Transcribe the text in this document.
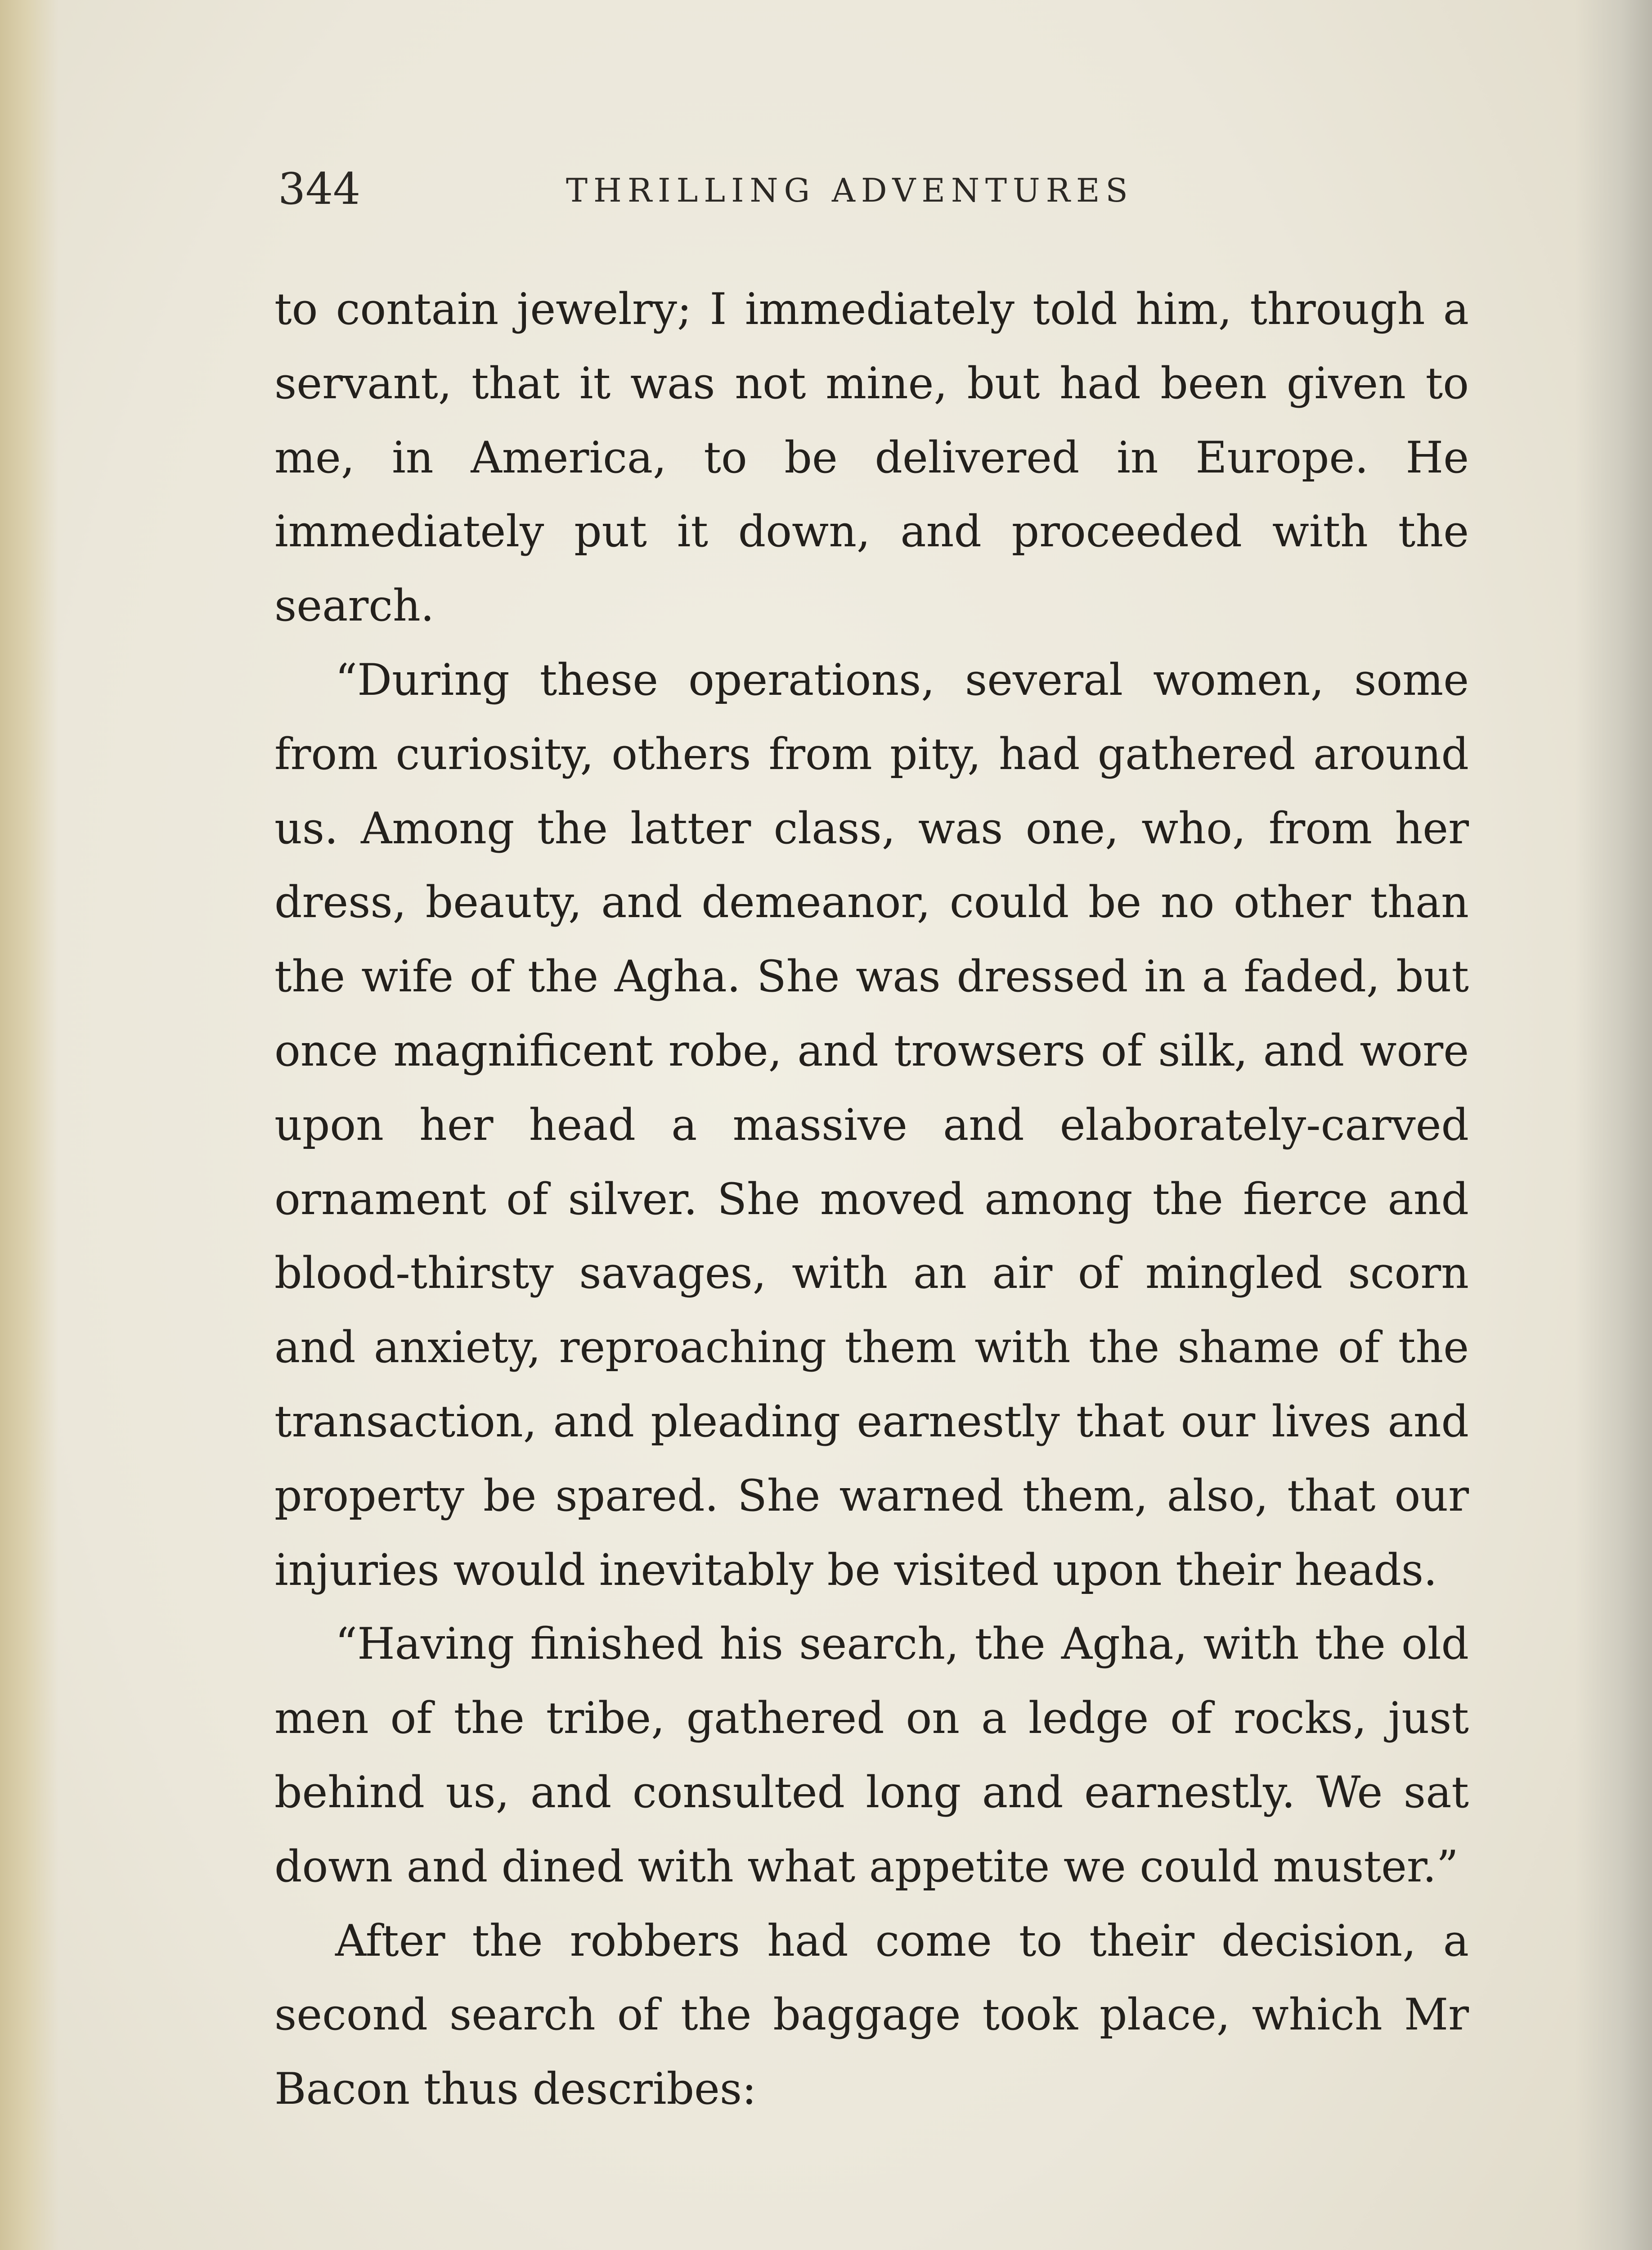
344	THRILLING ADVENTURES

to contain jewelry; I immediately told him, through a servant, that it was not mine, but had been given to me, in America, to be delivered in Europe. He immediately put it down, and proceeded with the search.

“During these operations, several women, some from curiosity, others from pity, had gathered around us. Among the latter class, was one, who, from her dress, beauty, and demeanor, could be no other than the wife of the Agha. She was dressed in a faded, but once magnificent robe, and trowsers of silk, and wore upon her head a massive and elaborately-carved ornament of silver. She moved among the fierce and blood-thirsty savages, with an air of mingled scorn and anxiety, reproaching them with the shame of the transaction, and pleading earnestly that our lives and property be spared. She warned them, also, that our injuries would inevitably be visited upon their heads.

“Having finished his search, the Agha, with the old men of the tribe, gathered on a ledge of rocks, just behind us, and consulted long and earnestly. We sat down and dined with what appetite we could muster.”

After the robbers had come to their decision, a second search of the baggage took place, which Mr Bacon thus describes:
